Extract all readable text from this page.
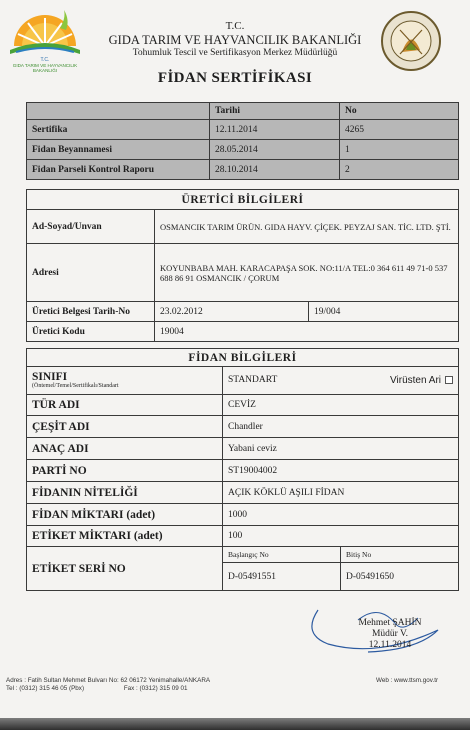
T.C.
GIDA TARIM VE HAYVANCILIK
BAKANLIĞI
T.C.
GIDA TARIM VE HAYVANCILIK BAKANLIĞI
Tohumluk Tescil ve Sertifikasyon Merkez Müdürlüğü
FİDAN SERTİFİKASI
	Tarihi	No
Sertifika	12.11.2014	4265
Fidan Beyannamesi	28.05.2014	1
Fidan Parseli Kontrol Raporu	28.10.2014	2
ÜRETİCİ BİLGİLERİ		
Ad-Soyad/Unvan	OSMANCIK TARIM ÜRÜN. GIDA HAYV. ÇİÇEK. PEYZAJ SAN. TİC. LTD. ŞTİ.	
Adresi	KOYUNBABA MAH. KARACAPAŞA SOK. NO:11/A TEL:0 364 611 49 71-0 537 688 86 91 OSMANCIK / ÇORUM	
Üretici Belgesi Tarih-No	23.02.2012	19/004
Üretici Kodu	19004	
FİDAN BİLGİLERİ		
SINIFI
(Öntemel/Temel/Sertifikalı/Standart	STANDART Virüsten Ari	

TÜR ADI	CEVİZ	
ÇEŞİT ADI	Chandler	
ANAÇ ADI	Yabani ceviz	
PARTİ NO	ST19004002	
FİDANIN NİTELİĞİ	AÇIK KÖKLÜ AŞILI FİDAN	
FİDAN MİKTARI (adet)	1000	
ETİKET MİKTARI (adet)	100	
ETİKET SERİ NO	Başlangıç No	Bitiş No
	D-05491551	D-05491650
Mehmet ŞAHİN
Müdür V.
12.11.2014
Adres : Fatih Sultan Mehmet Bulvarı No: 62 06172 Yenimahalle/ANKARA
Tel : (0312) 315 46 05 (Pbx)	Fax : (0312) 315 09 01
Web : www.ttsm.gov.tr
